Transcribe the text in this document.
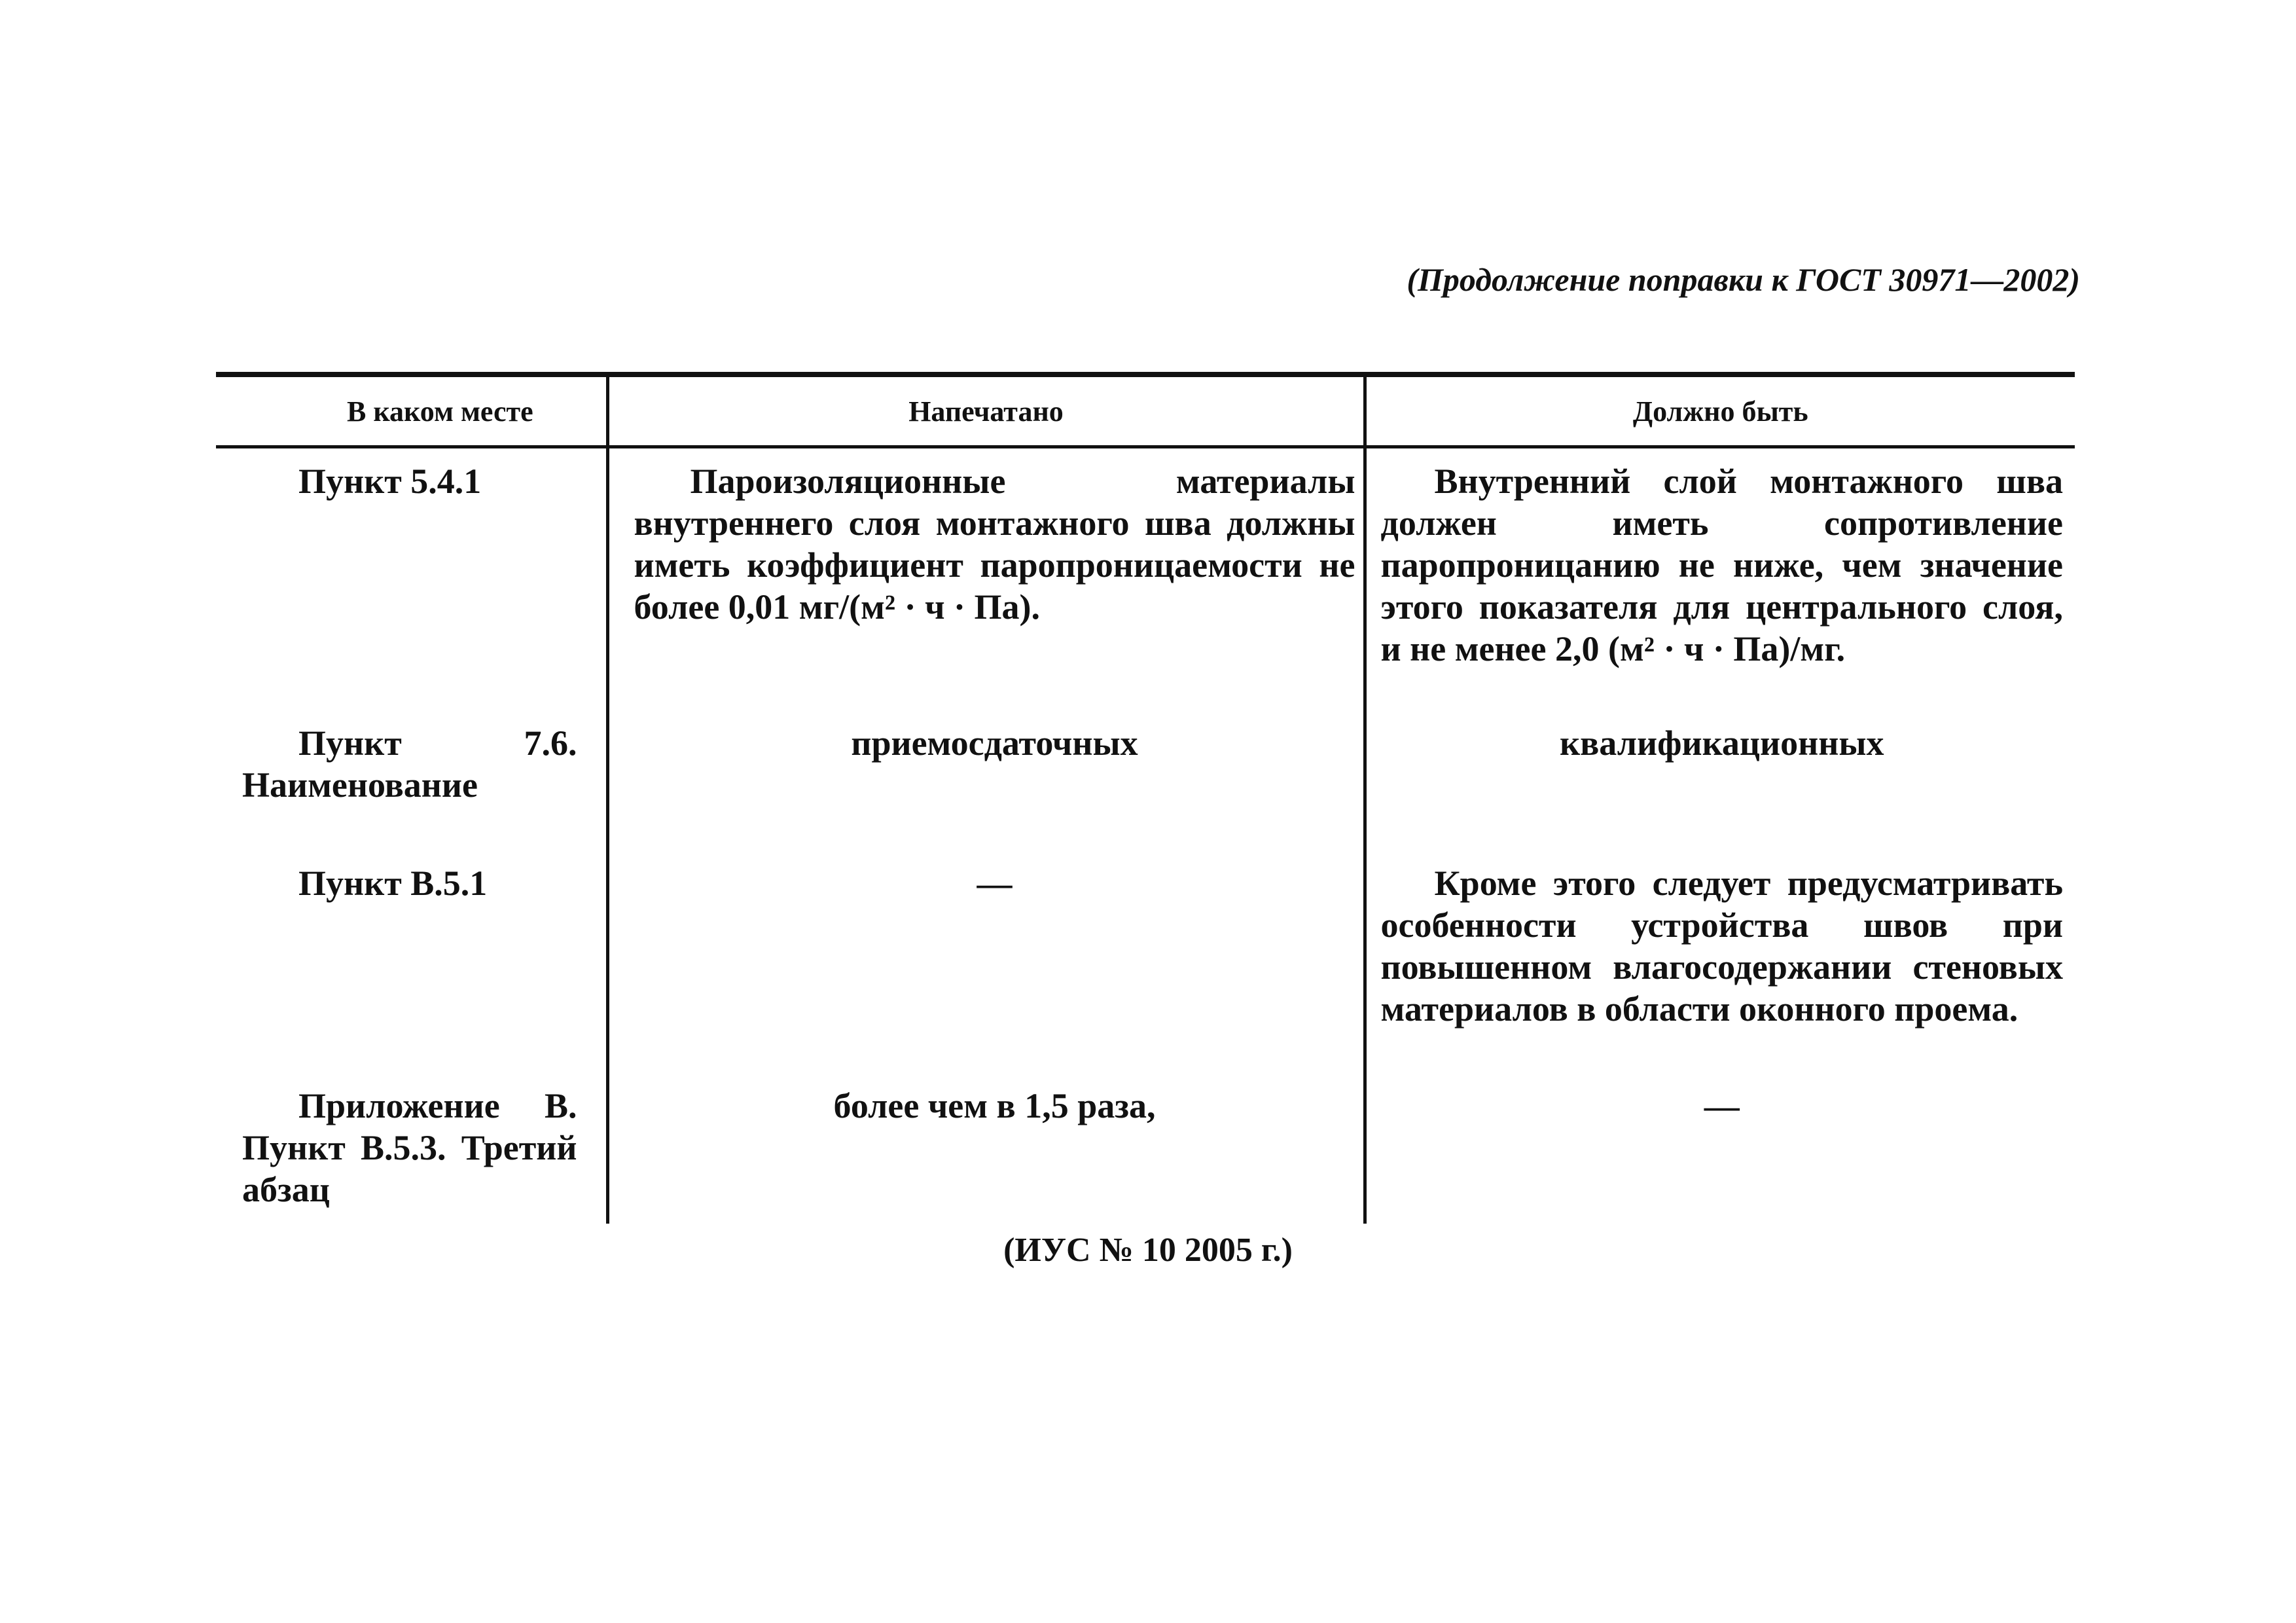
(Продолжение поправки к ГОСТ 30971—2002)
В каком месте	Напечатано	Должно быть
Пункт 5.4.1	Пароизоляционные материалы внутреннего слоя монтажного шва должны иметь коэффициент паропроницаемости не более 0,01 мг/(м² · ч · Па).	Внутренний слой монтажного шва должен иметь сопротивление паропроницанию не ниже, чем значение этого показателя для центрального слоя, и не менее 2,0 (м² · ч · Па)/мг.
Пункт 7.6. Наименование	приемосдаточных	квалификационных
Пункт В.5.1	—	Кроме этого следует предусматривать особенности устройства швов при повышенном влагосодержании стеновых материалов в области оконного проема.
Приложение В. Пункт В.5.3. Третий абзац	более чем в 1,5 раза,	—
(ИУС № 10 2005 г.)
